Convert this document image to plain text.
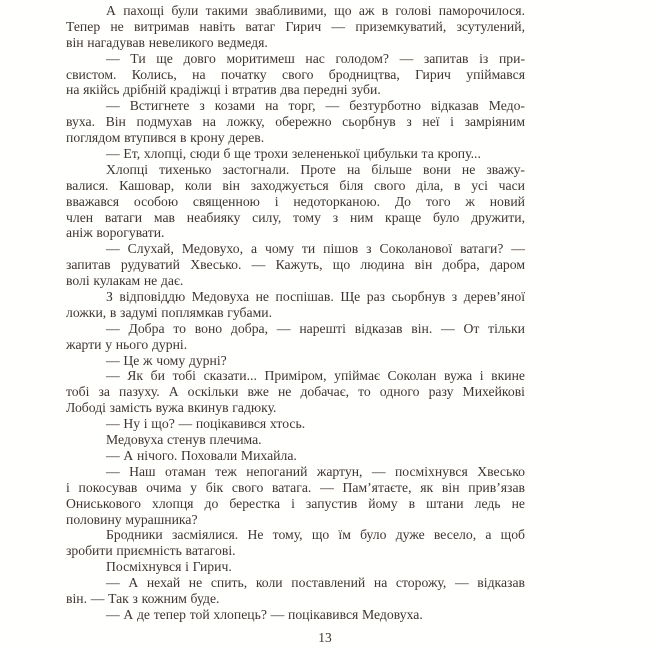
А пахощі були такими звабливими, що аж в голові паморочилося.
Тепер не витримав навіть ватаг Гирич — приземкуватий, зсутулений,
він нагадував невеликого ведмедя.
— Ти ще довго моритимеш нас голодом? — запитав із при-
свистом. Колись, на початку свого бродництва, Гирич упіймався
на якійсь дрібній крадіжці і втратив два передні зуби.
— Встигнете з козами на торг, — безтурботно відказав Медо-
вуха. Він подмухав на ложку, обережно сьорбнув з неї і замріяним
поглядом втупився в крону дерев.
— Ет, хлопці, сюди б ще трохи зелененької цибульки та кропу...
Хлопці тихенько застогнали. Проте на більше вони не зважу-
валися. Кашовар, коли він заходжується біля свого діла, в усі часи
вважався особою священною і недоторканою. До того ж новий
член ватаги мав неабияку силу, тому з ним краще було дружити,
аніж ворогувати.
— Слухай, Медовухо, а чому ти пішов з Соколанової ватаги? —
запитав рудуватий Хвесько. — Кажуть, що людина він добра, даром
волі кулакам не дає.
З відповіддю Медовуха не поспішав. Ще раз сьорбнув з дерев’яної
ложки, в задумі поплямкав губами.
— Добра то воно добра, — нарешті відказав він. — От тільки
жарти у нього дурні.
— Це ж чому дурні?
— Як би тобі сказати... Приміром, упіймає Соколан вужа і вкине
тобі за пазуху. А оскільки вже не добачає, то одного разу Михейкові
Лободі замість вужа вкинув гадюку.
— Ну і що? — поцікавився хтось.
Медовуха стенув плечима.
— А нічого. Поховали Михайла.
— Наш отаман теж непоганий жартун, — посміхнувся Хвесько
і покосував очима у бік свого ватага. — Пам’ятаєте, як він прив’язав
Ониськового хлопця до берестка і запустив йому в штани ледь не
половину мурашника?
Бродники засміялися. Не тому, що їм було дуже весело, а щоб
зробити приємність ватагові.
Посміхнувся і Гирич.
— А нехай не спить, коли поставлений на сторожу, — відказав
він. — Так з кожним буде.
— А де тепер той хлопець? — поцікавився Медовуха.
13
